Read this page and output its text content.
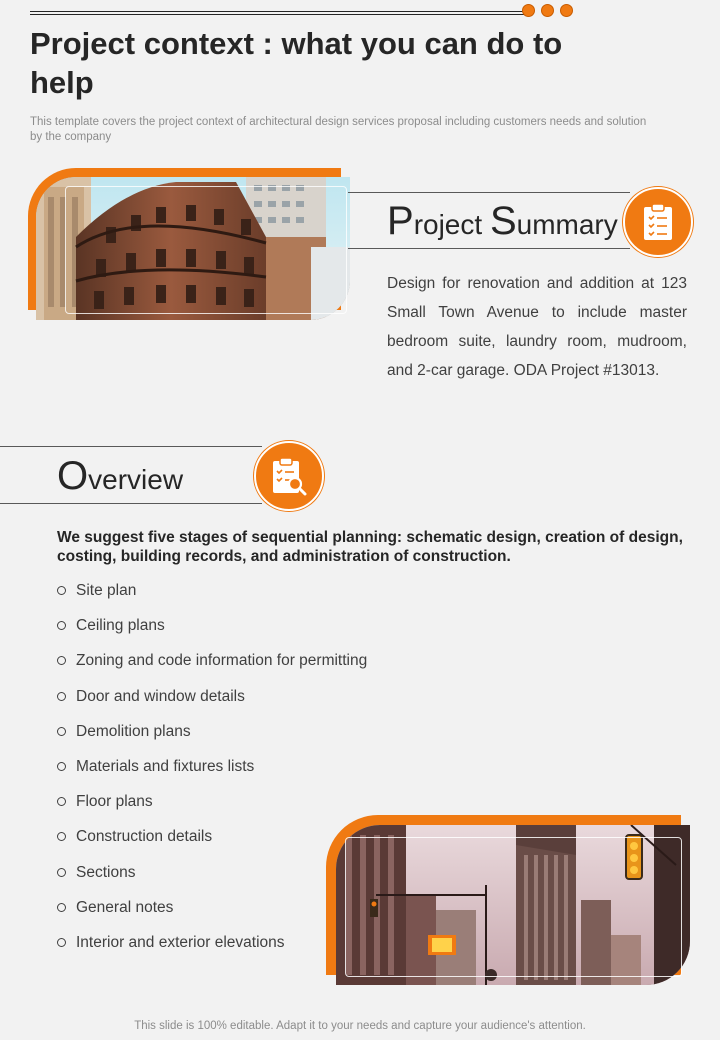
Project context : what you can do to help
This template covers the project context of architectural design services proposal including customers needs and solution by the company
Project Summary
Design for renovation and addition at 123 Small Town Avenue to include master bedroom suite, laundry room, mudroom, and 2-car garage. ODA Project #13013.
Overview
We suggest five stages of sequential planning: schematic design, creation of design, costing, building records, and administration of construction.
Site plan
Ceiling plans
Zoning and code information for permitting
Door and window details
Demolition plans
Materials and fixtures lists
Floor plans
Construction details
Sections
General notes
Interior and exterior elevations
This slide is 100% editable. Adapt it to your needs and capture your audience's attention.
